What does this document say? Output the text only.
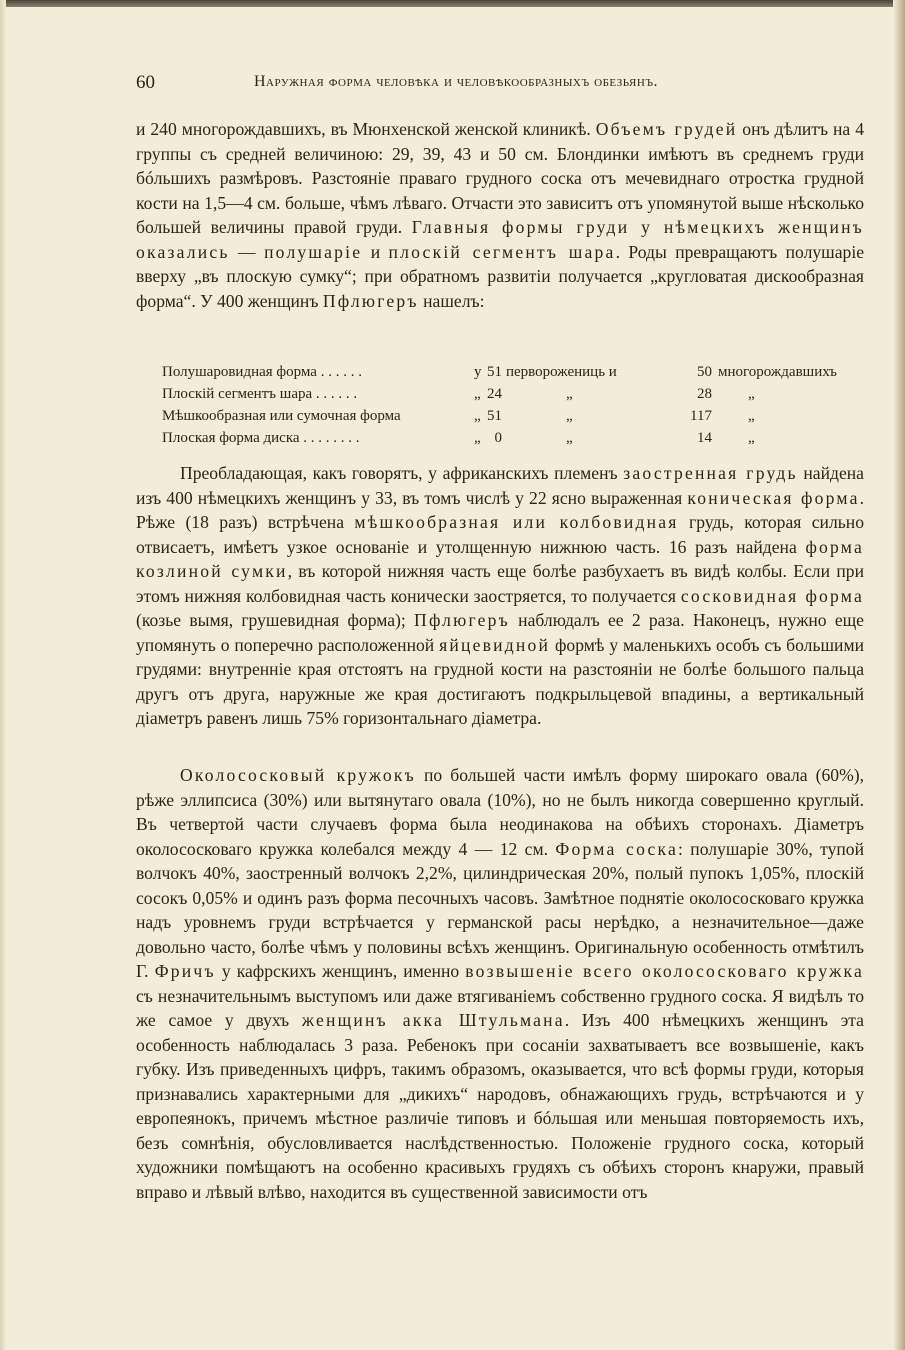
60	Наружная форма человѣка и человѣкообразныхъ обезьянъ.
и 240 многорождавшихъ, въ Мюнхенской женской клиникѣ. Объемъ грудей онъ дѣлитъ на 4 группы съ средней величиною: 29, 39, 43 и 50 см. Блондинки имѣютъ въ среднемъ груди бóльшихъ размѣровъ. Разстояніе праваго грудного соска отъ мечевиднаго отростка грудной кости на 1,5—4 см. больше, чѣмъ лѣваго. Отчасти это зависитъ отъ упомянутой выше нѣсколько большей величины правой груди. Главныя формы груди у нѣмецкихъ женщинъ оказались — полушаріе и плоскій сегментъ шара. Роды превращаютъ полушаріе вверху „въ плоскую сумку“; при обратномъ развитіи получается „кругловатая дискообразная форма“. У 400 женщинъ Пфлюгеръ нашелъ:
Полушаровидная форма . . . . . .	у 51 перворожениць и	50 многорождавшихъ
Плоскій сегментъ шара . . . . . .	„ 24	„	28 „
Мѣшкообразная или сумочная форма	„ 51	„	117 „
Плоская форма диска . . . . . . . .	„ 0	„	14 „
Преобладающая, какъ говорятъ, у африканскихъ племенъ заостренная грудь найдена изъ 400 нѣмецкихъ женщинъ у 33, въ томъ числѣ у 22 ясно выраженная коническая форма. Рѣже (18 разъ) встрѣчена мѣшкообразная или колбовидная грудь, которая сильно отвисаетъ, имѣетъ узкое основаніе и утолщенную нижнюю часть. 16 разъ найдена форма козлиной сумки, въ которой нижняя часть еще болѣе разбухаетъ въ видѣ колбы. Если при этомъ нижняя колбовидная часть конически заостряется, то получается сосковидная форма (козье вымя, грушевидная форма); Пфлюгеръ наблюдалъ ее 2 раза. Наконецъ, нужно еще упомянуть о поперечно расположенной яйцевидной формѣ у маленькихъ особъ съ большими грудями: внутренніе края отстоятъ на грудной кости на разстояніи не болѣе большого пальца другъ отъ друга, наружные же края достигаютъ подкрыльцевой впадины, а вертикальный діаметръ равенъ лишь 75% горизонтальнаго діаметра.
Околососковый кружокъ по большей части имѣлъ форму широкаго овала (60%), рѣже эллипсиса (30%) или вытянутаго овала (10%), но не былъ никогда совершенно круглый. Въ четвертой части случаевъ форма была неодинакова на обѣихъ сторонахъ. Діаметръ околососковаго кружка колебался между 4 — 12 см. Форма соска: полушаріе 30%, тупой волчокъ 40%, заостренный волчокъ 2,2%, цилиндрическая 20%, полый пупокъ 1,05%, плоскій сосокъ 0,05% и одинъ разъ форма песочныхъ часовъ. Замѣтное поднятіе околососковаго кружка надъ уровнемъ груди встрѣчается у германской расы нерѣдко, а незначительное—даже довольно часто, болѣе чѣмъ у половины всѣхъ женщинъ. Оригинальную особенность отмѣтилъ Г. Фричъ у кафрскихъ женщинъ, именно возвышеніе всего околососковаго кружка съ незначительнымъ выступомъ или даже втягиваніемъ собственно грудного соска. Я видѣлъ то же самое у двухъ женщинъ акка Штульмана. Изъ 400 нѣмецкихъ женщинъ эта особенность наблюдалась 3 раза. Ребенокъ при сосаніи захватываетъ все возвышеніе, какъ губку. Изъ приведенныхъ цифръ, такимъ образомъ, оказывается, что всѣ формы груди, которыя признавались характерными для „дикихъ“ народовъ, обнажающихъ грудь, встрѣчаются и у европеянокъ, причемъ мѣстное различіе типовъ и бóльшая или меньшая повторяемость ихъ, безъ сомнѣнія, обусловливается наслѣдственностью. Положеніе грудного соска, который художники помѣщаютъ на особенно красивыхъ грудяхъ съ обѣихъ сторонъ кнаружи, правый вправо и лѣвый влѣво, находится въ существенной зависимости отъ
